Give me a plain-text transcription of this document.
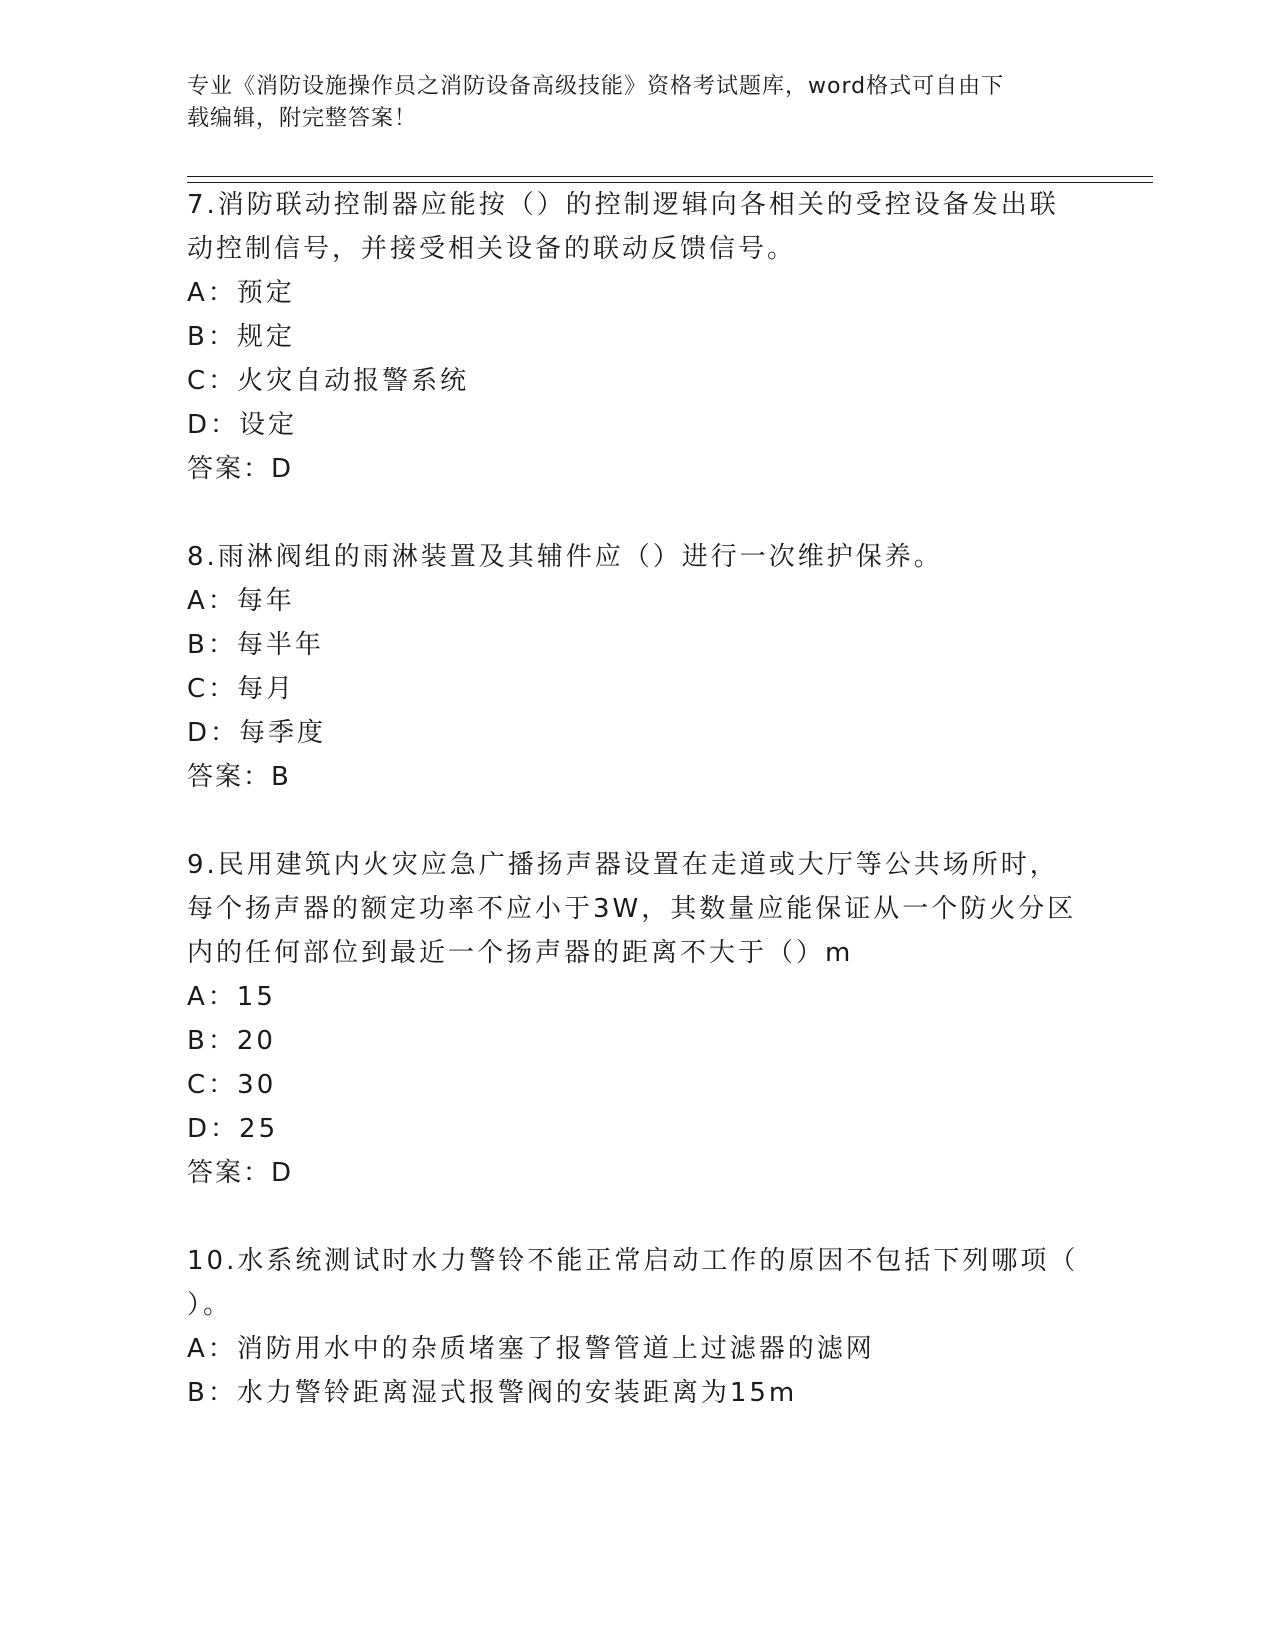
专业《消防设施操作员之消防设备高级技能》资格考试题库，word格式可自由下
载编辑，附完整答案！
7.消防联动控制器应能按（）的控制逻辑向各相关的受控设备发出联
动控制信号，并接受相关设备的联动反馈信号。
A：预定
B：规定
C：火灾自动报警系统
D：设定
答案：D
8.雨淋阀组的雨淋装置及其辅件应（）进行一次维护保养。
A：每年
B：每半年
C：每月
D：每季度
答案：B
9.民用建筑内火灾应急广播扬声器设置在走道或大厅等公共场所时，
每个扬声器的额定功率不应小于3W，其数量应能保证从一个防火分区
内的任何部位到最近一个扬声器的距离不大于（）m
A：15
B：20
C：30
D：25
答案：D
10.水系统测试时水力警铃不能正常启动工作的原因不包括下列哪项（
）。
A：消防用水中的杂质堵塞了报警管道上过滤器的滤网
B：水力警铃距离湿式报警阀的安装距离为15m
